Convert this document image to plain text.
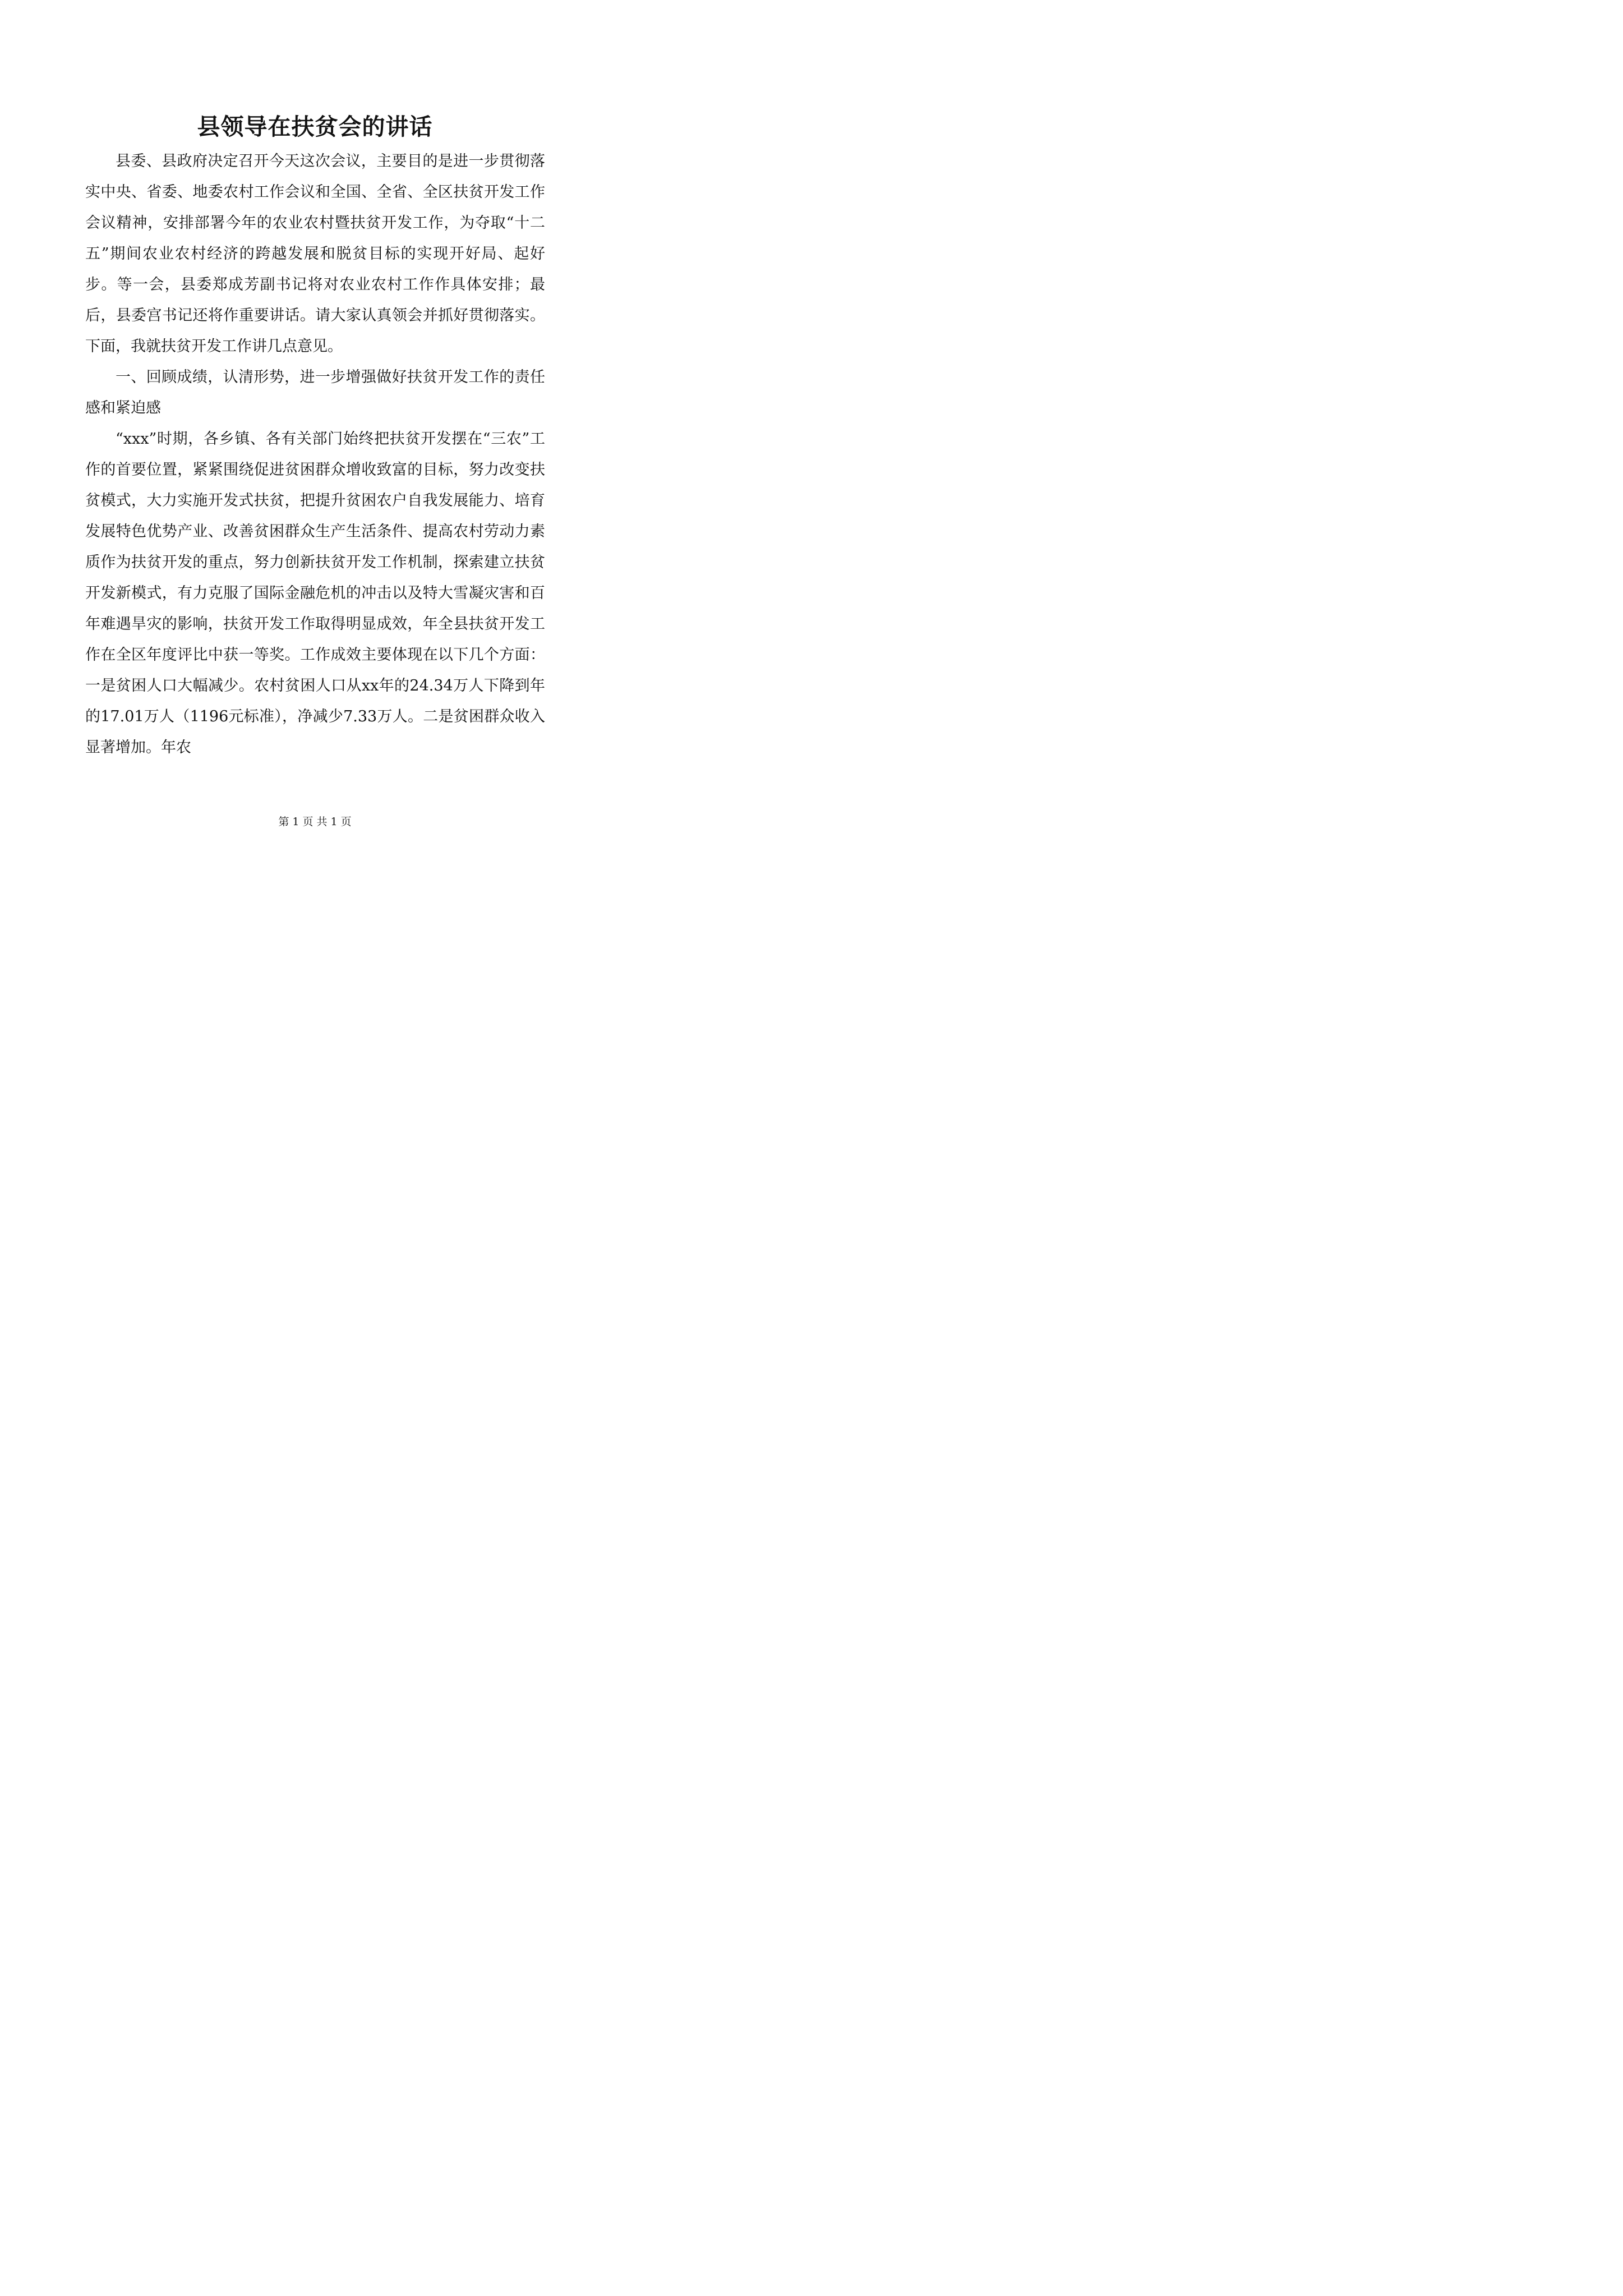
县领导在扶贫会的讲话

县委、县政府决定召开今天这次会议，主要目的是进一步贯彻落实中央、省委、地委农村工作会议和全国、全省、全区扶贫开发工作会议精神，安排部署今年的农业农村暨扶贫开发工作，为夺取“十二五”期间农业农村经济的跨越发展和脱贫目标的实现开好局、起好步。等一会，县委郑成芳副书记将对农业农村工作作具体安排；最后，县委宫书记还将作重要讲话。请大家认真领会并抓好贯彻落实。下面，我就扶贫开发工作讲几点意见。

一、回顾成绩，认清形势，进一步增强做好扶贫开发工作的责任感和紧迫感

“xxx”时期，各乡镇、各有关部门始终把扶贫开发摆在“三农”工作的首要位置，紧紧围绕促进贫困群众增收致富的目标，努力改变扶贫模式，大力实施开发式扶贫，把提升贫困农户自我发展能力、培育发展特色优势产业、改善贫困群众生产生活条件、提高农村劳动力素质作为扶贫开发的重点，努力创新扶贫开发工作机制，探索建立扶贫开发新模式，有力克服了国际金融危机的冲击以及特大雪凝灾害和百年难遇旱灾的影响，扶贫开发工作取得明显成效，年全县扶贫开发工作在全区年度评比中获一等奖。工作成效主要体现在以下几个方面：一是贫困人口大幅减少。农村贫困人口从xx年的24.34万人下降到年的17.01万人（1196元标准），净减少7.33万人。二是贫困群众收入显著增加。年农

第 1 页 共 1 页
